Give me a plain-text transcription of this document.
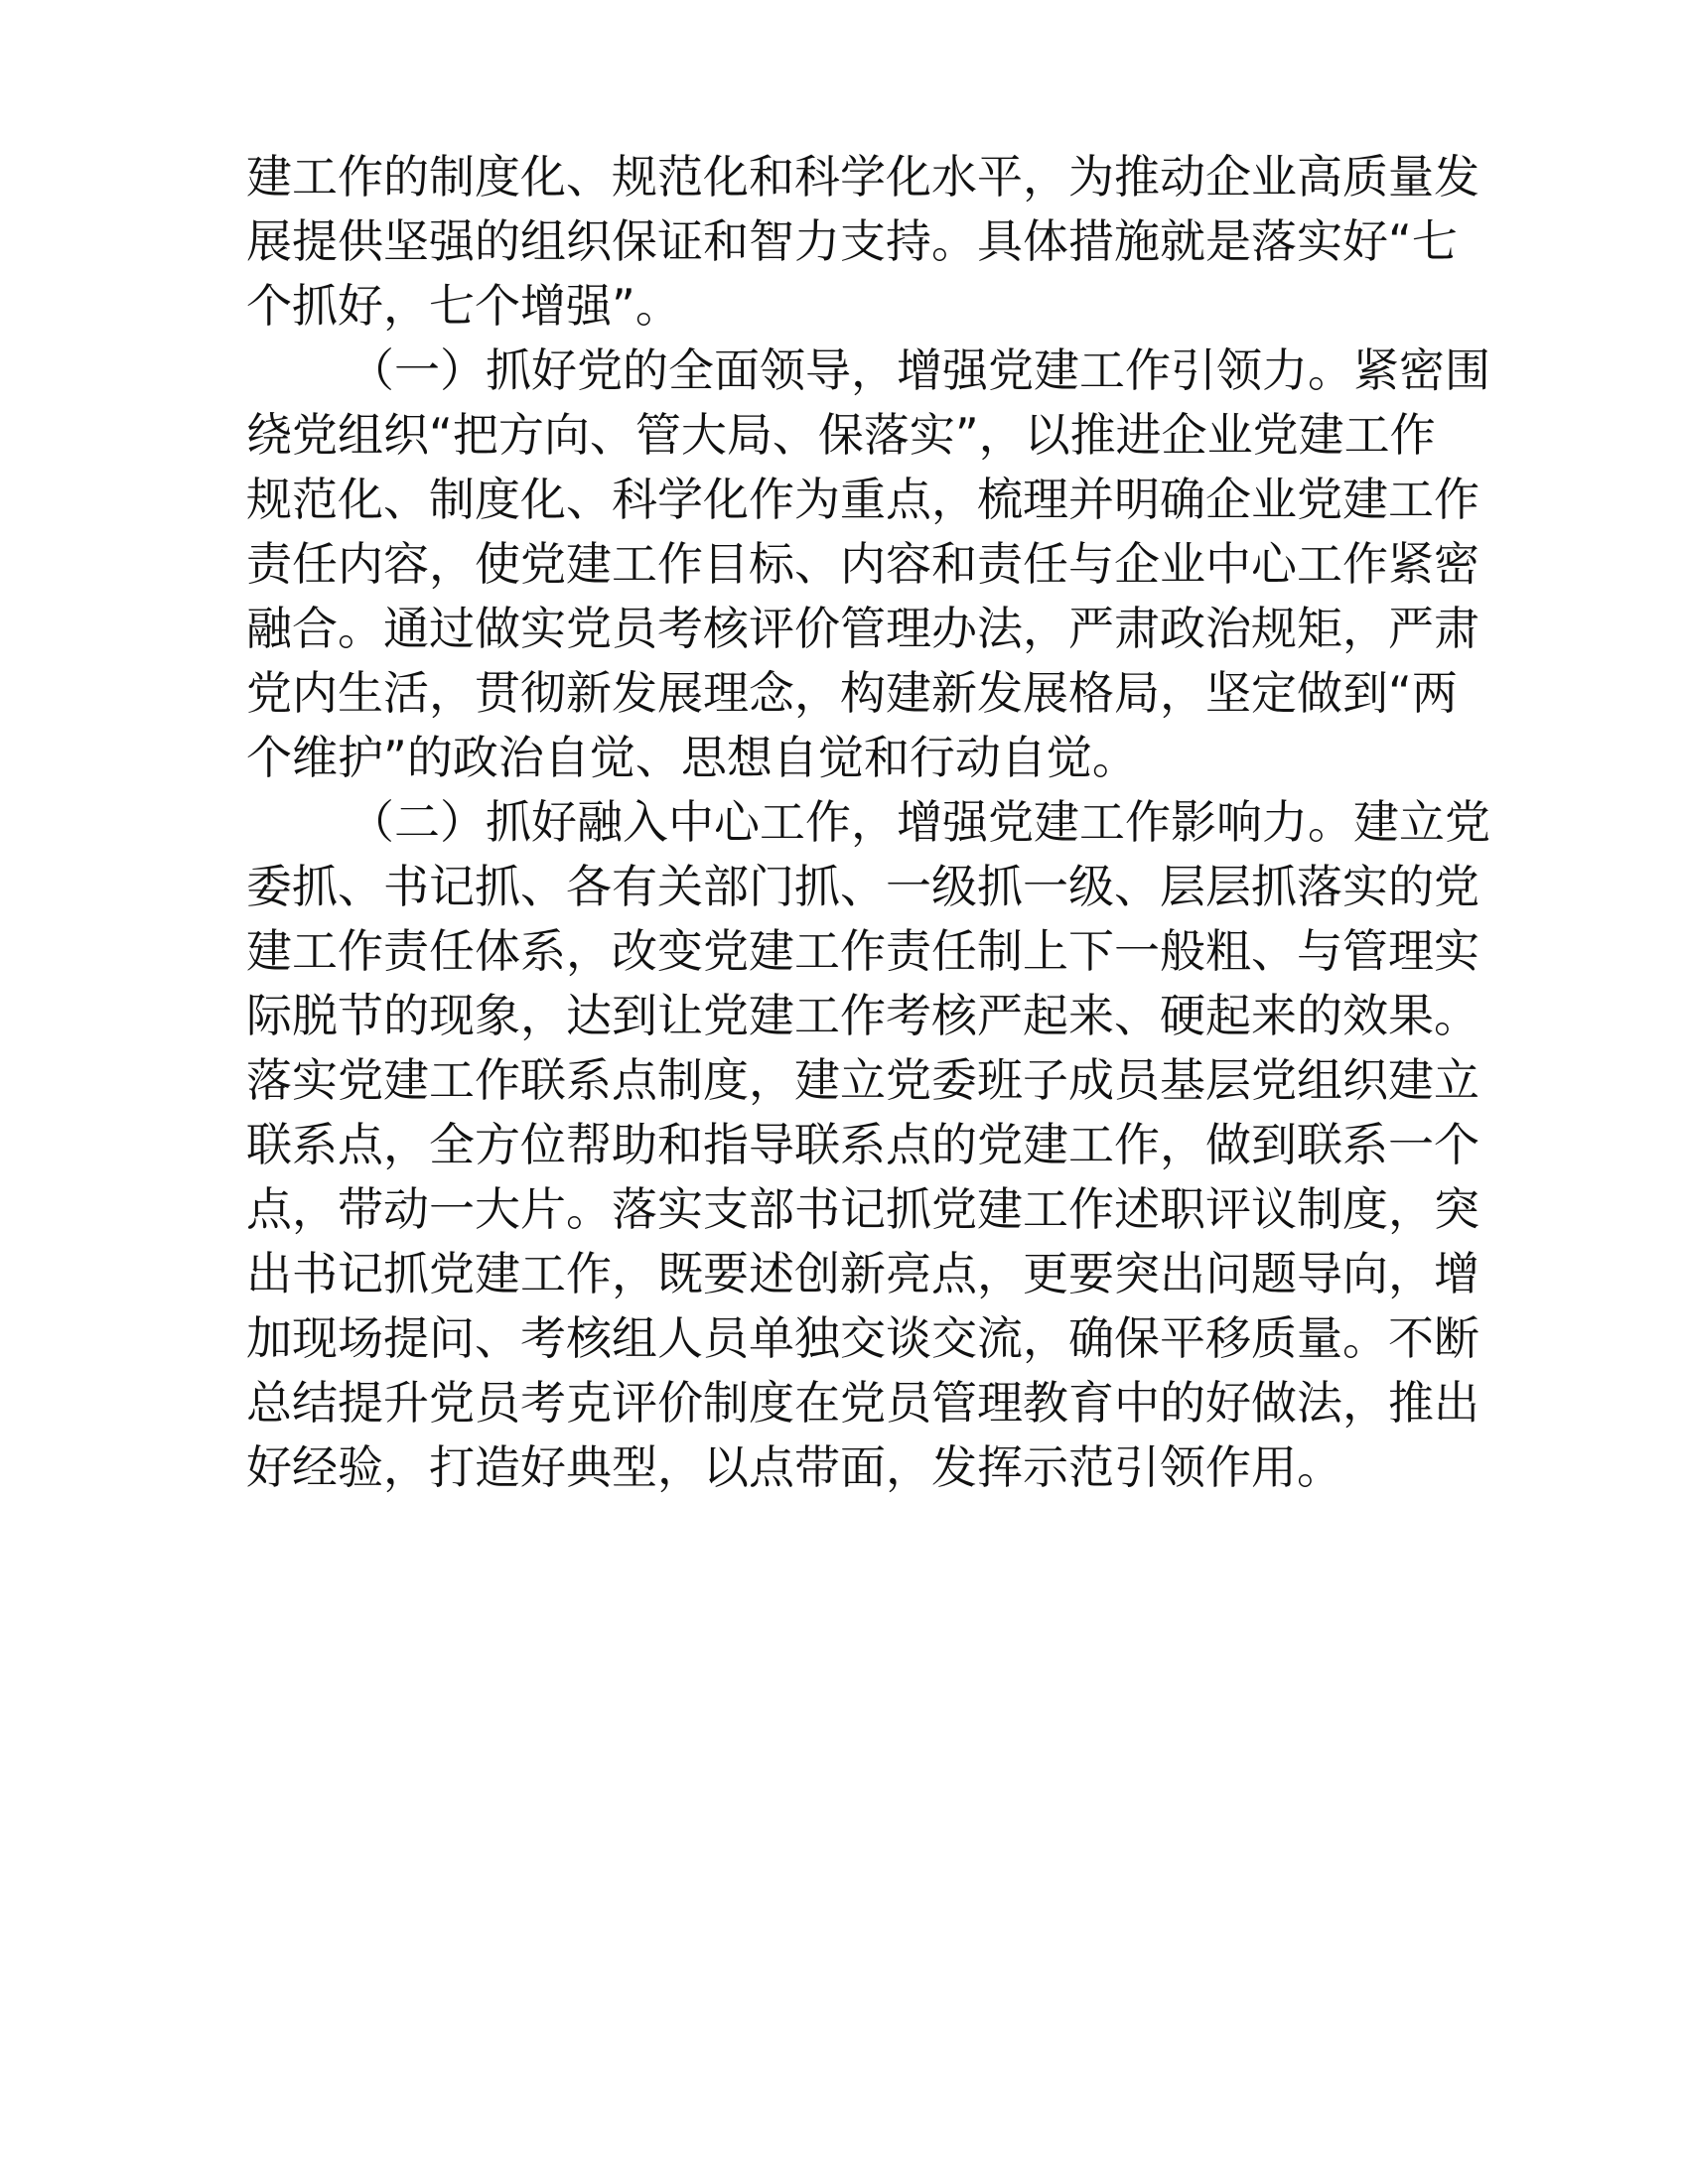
建工作的制度化、规范化和科学化水平，为推动企业高质量发
展提供坚强的组织保证和智力支持。具体措施就是落实好“七
个抓好，七个增强”。
（一）抓好党的全面领导，增强党建工作引领力。紧密围
绕党组织“把方向、管大局、保落实”，以推进企业党建工作
规范化、制度化、科学化作为重点，梳理并明确企业党建工作
责任内容，使党建工作目标、内容和责任与企业中心工作紧密
融合。通过做实党员考核评价管理办法，严肃政治规矩，严肃
党内生活，贯彻新发展理念，构建新发展格局，坚定做到“两
个维护”的政治自觉、思想自觉和行动自觉。
（二）抓好融入中心工作，增强党建工作影响力。建立党
委抓、书记抓、各有关部门抓、一级抓一级、层层抓落实的党
建工作责任体系，改变党建工作责任制上下一般粗、与管理实
际脱节的现象，达到让党建工作考核严起来、硬起来的效果。
落实党建工作联系点制度，建立党委班子成员基层党组织建立
联系点，全方位帮助和指导联系点的党建工作，做到联系一个
点，带动一大片。落实支部书记抓党建工作述职评议制度，突
出书记抓党建工作，既要述创新亮点，更要突出问题导向，增
加现场提问、考核组人员单独交谈交流，确保平移质量。不断
总结提升党员考克评价制度在党员管理教育中的好做法，推出
好经验，打造好典型，以点带面，发挥示范引领作用。
